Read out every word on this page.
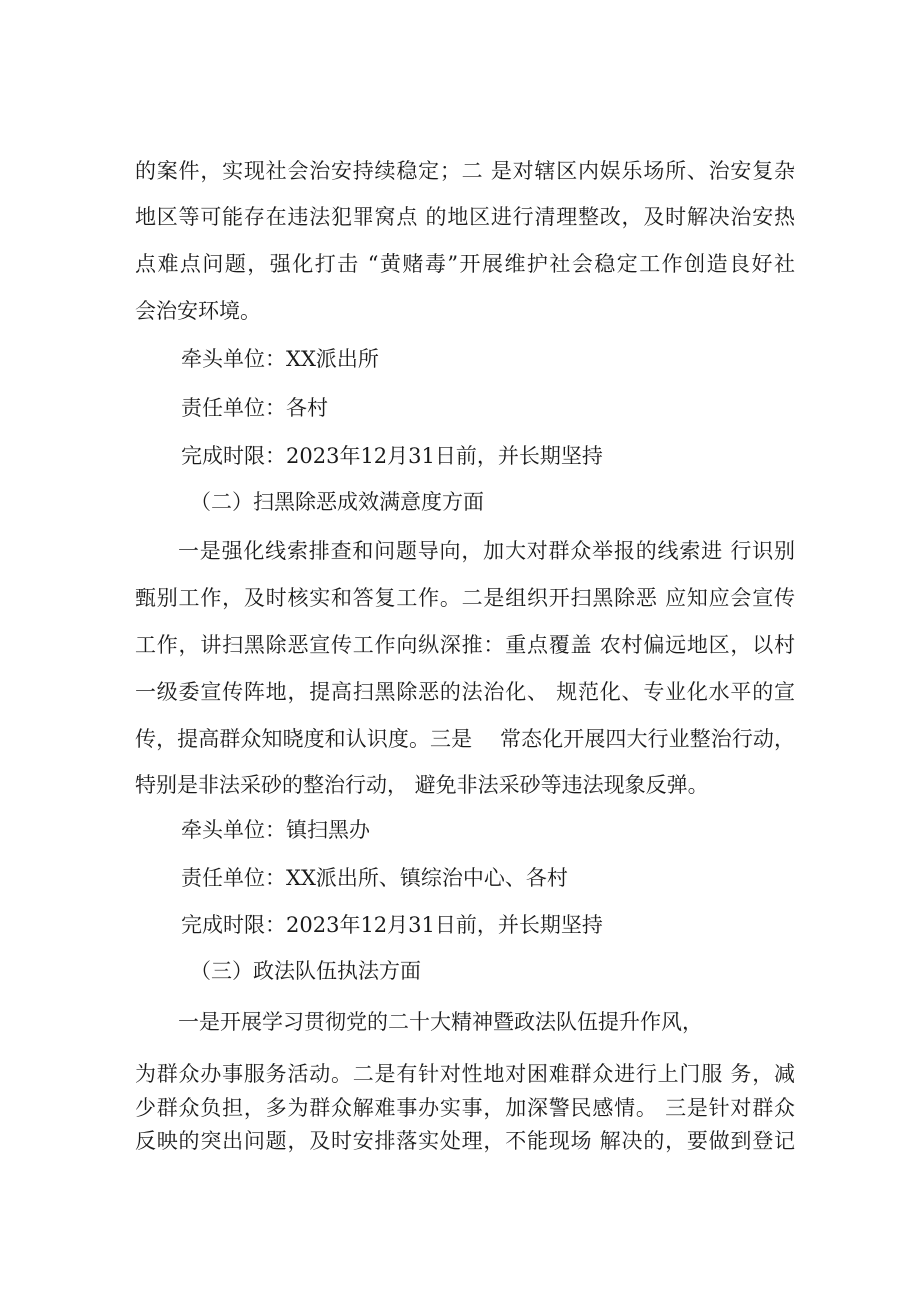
的案件，实现社会治安持续稳定；二 是对辖区内娱乐场所、治安复杂
地区等可能存在违法犯罪窝点 的地区进行清理整改，及时解决治安热
点难点问题，强化打击 “黄赌毒”开展维护社会稳定工作创造良好社
会治安环境。
牵头单位：XX派出所
责任单位：各村
完成时限：2023年12月31日前，并长期坚持
（二）扫黑除恶成效满意度方面
一是强化线索排查和问题导向，加大对群众举报的线索进 行识别
甄别工作，及时核实和答复工作。二是组织开扫黑除恶 应知应会宣传
工作，讲扫黑除恶宣传工作向纵深推：重点覆盖 农村偏远地区，以村
一级委宣传阵地，提高扫黑除恶的法治化、 规范化、专业化水平的宣
传，提高群众知晓度和认识度。三是　 常态化开展四大行业整治行动，
特别是非法采砂的整治行动， 避免非法采砂等违法现象反弹。
牵头单位：镇扫黑办
责任单位：XX派出所、镇综治中心、各村
完成时限：2023年12月31日前，并长期坚持
（三）政法队伍执法方面
一是开展学习贯彻党的二十大精神暨政法队伍提升作风，
为群众办事服务活动。二是有针对性地对困难群众进行上门服 务，减
少群众负担，多为群众解难事办实事，加深警民感情。 三是针对群众
反映的突出问题，及时安排落实处理，不能现场 解决的，要做到登记
